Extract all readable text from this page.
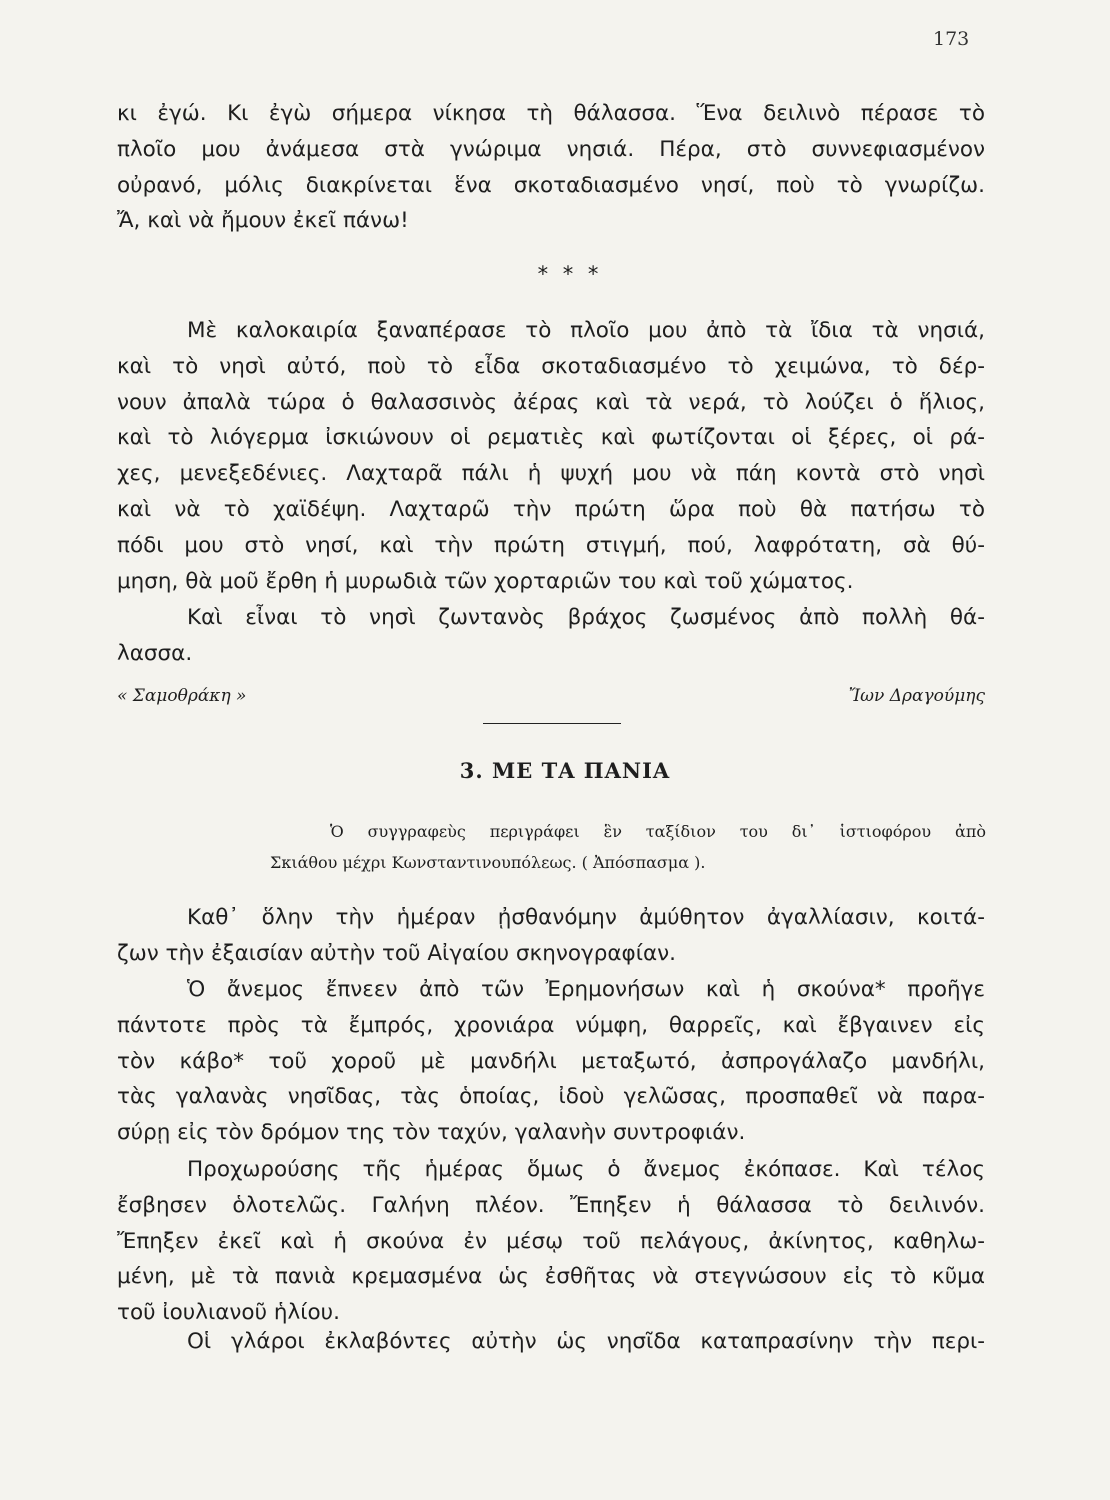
173

κι ἐγώ. Κι ἐγὼ σήμερα νίκησα τὴ θάλασσα. Ἕνα δειλινὸ πέρασε τὸ
πλοῖο μου ἀνάμεσα στὰ γνώριμα νησιά. Πέρα, στὸ συννεφιασμένον
οὐρανό, μόλις διακρίνεται ἕνα σκοταδιασμένο νησί, ποὺ τὸ γνωρίζω.
Ἄ, καὶ νὰ ἤμουν ἐκεῖ πάνω!

* * *

Μὲ καλοκαιρία ξαναπέρασε τὸ πλοῖο μου ἀπὸ τὰ ἴδια τὰ νησιά,
καὶ τὸ νησὶ αὐτό, ποὺ τὸ εἶδα σκοταδιασμένο τὸ χειμώνα, τὸ δέρ-
νουν ἀπαλὰ τώρα ὁ θαλασσινὸς ἀέρας καὶ τὰ νερά, τὸ λούζει ὁ ἥλιος,
καὶ τὸ λιόγερμα ἰσκιώνουν οἱ ρεματιὲς καὶ φωτίζονται οἱ ξέρες, οἱ ρά-
χες, μενεξεδένιες. Λαχταρᾶ πάλι ἡ ψυχή μου νὰ πάη κοντὰ στὸ νησὶ
καὶ νὰ τὸ χαϊδέψη. Λαχταρῶ τὴν πρώτη ὥρα ποὺ θὰ πατήσω τὸ
πόδι μου στὸ νησί, καὶ τὴν πρώτη στιγμή, πού, λαφρότατη, σὰ θύ-
μηση, θὰ μοῦ ἔρθη ἡ μυρωδιὰ τῶν χορταριῶν του καὶ τοῦ χώματος.

Καὶ εἶναι τὸ νησὶ ζωντανὸς βράχος ζωσμένος ἀπὸ πολλὴ θά-
λασσα.

« Σαμοθράκη »	Ἴων Δραγούμης
3. ΜΕ ΤΑ ΠΑΝΙΑ
Ὁ συγγραφεὺς περιγράφει ἓν ταξίδιον του δι᾽ ἱστιοφόρου ἀπὸ
Σκιάθου μέχρι Κωνσταντινουπόλεως. ( Ἀπόσπασμα ).

Καθ᾽ ὅλην τὴν ἡμέραν ᾐσθανόμην ἀμύθητον ἀγαλλίασιν, κοιτά-
ζων τὴν ἐξαισίαν αὐτὴν τοῦ Αἰγαίου σκηνογραφίαν.

Ὁ ἄνεμος ἔπνεεν ἀπὸ τῶν Ἐρημονήσων καὶ ἡ σκούνα* προῆγε
πάντοτε πρὸς τὰ ἔμπρός, χρονιάρα νύμφη, θαρρεῖς, καὶ ἔβγαινεν εἰς
τὸν κάβο* τοῦ χοροῦ μὲ μανδήλι μεταξωτό, ἀσπρογάλαζο μανδήλι,
τὰς γαλανὰς νησῖδας, τὰς ὁποίας, ἰδοὺ γελῶσας, προσπαθεῖ νὰ παρα-
σύρῃ εἰς τὸν δρόμον της τὸν ταχύν, γαλανὴν συντροφιάν.

Προχωρούσης τῆς ἡμέρας ὅμως ὁ ἄνεμος ἐκόπασε. Καὶ τέλος
ἔσβησεν ὁλοτελῶς. Γαλήνη πλέον. Ἔπηξεν ἡ θάλασσα τὸ δειλινόν.
Ἔπηξεν ἐκεῖ καὶ ἡ σκούνα ἐν μέσῳ τοῦ πελάγους, ἀκίνητος, καθηλω-
μένη, μὲ τὰ πανιὰ κρεμασμένα ὡς ἐσθῆτας νὰ στεγνώσουν εἰς τὸ κῦμα
τοῦ ἰουλιανοῦ ἡλίου.

Οἱ γλάροι ἐκλαβόντες αὐτὴν ὡς νησῖδα καταπρασίνην τὴν περι-
